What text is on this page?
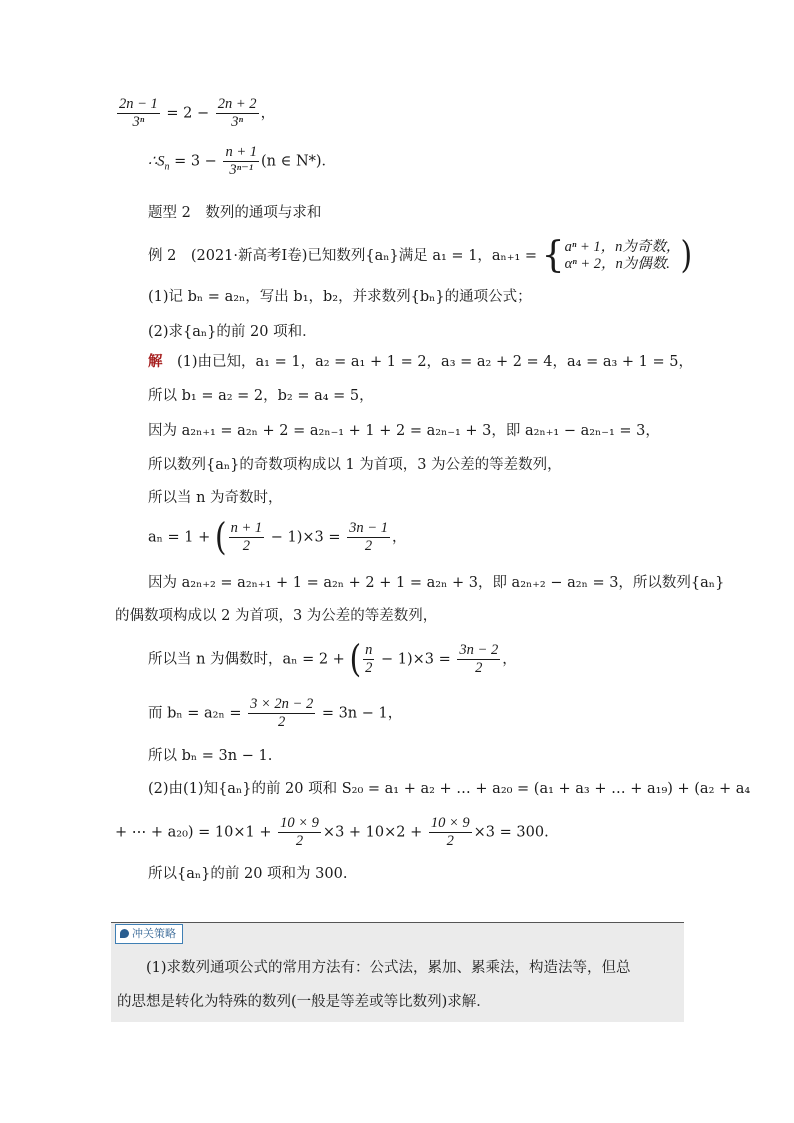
$\frac{2n - 1}{\text{3ⁿ}} = 2 - \frac{2n + 2}{\text{3ⁿ}}$ ，
$\therefore S_n = 3 - \frac{n + 1}{\text{3ⁿ⁻¹}} (n$ ∈ N*)．
题型 2　数列的通项与求和
例 2　(2021·新高考Ⅰ卷)已知数列{aₙ}满足 a₁ = 1，aₙ₊₁ = { aⁿ + 1，n为奇数，
αⁿ + 2，n为偶数. )
(1)记 bₙ = a₂ₙ，写出 b₁，b₂，并求数列{bₙ}的通项公式；
(2)求{aₙ}的前 20 项和．
解　(1)由已知，a₁ = 1，a₂ = a₁ + 1 = 2，a₃ = a₂ + 2 = 4，a₄ = a₃ + 1 = 5，
所以 b₁ = a₂ = 2，b₂ = a₄ = 5，
因为 a₂ₙ₊₁ = a₂ₙ + 2 = a₂ₙ₋₁ + 1 + 2 = a₂ₙ₋₁ + 3，即 a₂ₙ₊₁ − a₂ₙ₋₁ = 3，
所以数列{aₙ}的奇数项构成以 1 为首项，3 为公差的等差数列，
所以当 n 为奇数时，
aₙ = 1 + ( $\frac{n + 1}{2} - 1)\times 3 = \frac{3n - 1}{2}$ ，
因为 a₂ₙ₊₂ = a₂ₙ₊₁ + 1 = a₂ₙ + 2 + 1 = a₂ₙ + 3，即 a₂ₙ₊₂ − a₂ₙ = 3，所以数列{aₙ}
的偶数项构成以 2 为首项，3 为公差的等差数列，
所以当 n 为偶数时，aₙ = 2 + ( $\frac{n}{2} - 1)\times 3 = \frac{3n - 2}{2}$ ，
而 $b_n = a_{2n} = \frac{3 \times 2n - 2}{2} = 3n - 1$，
所以 bₙ = 3n − 1.
(2)由(1)知{aₙ}的前 20 项和 S₂₀ = a₁ + a₂ + … + a₂₀ = (a₁ + a₃ + … + a₁₉) + (a₂ + a₄
+ ⋯ + $a_{20}) = 10\times 1 + \frac{10 \times 9}{2} \times 3 + 10\times 2 + \frac{10 \times 9}{2} \times 3 = 300$.
所以{aₙ}的前 20 项和为 300.
冲关策略
　　(1)求数列通项公式的常用方法有：公式法，累加、累乘法，构造法等，但总
的思想是转化为特殊的数列(一般是等差或等比数列)求解．
